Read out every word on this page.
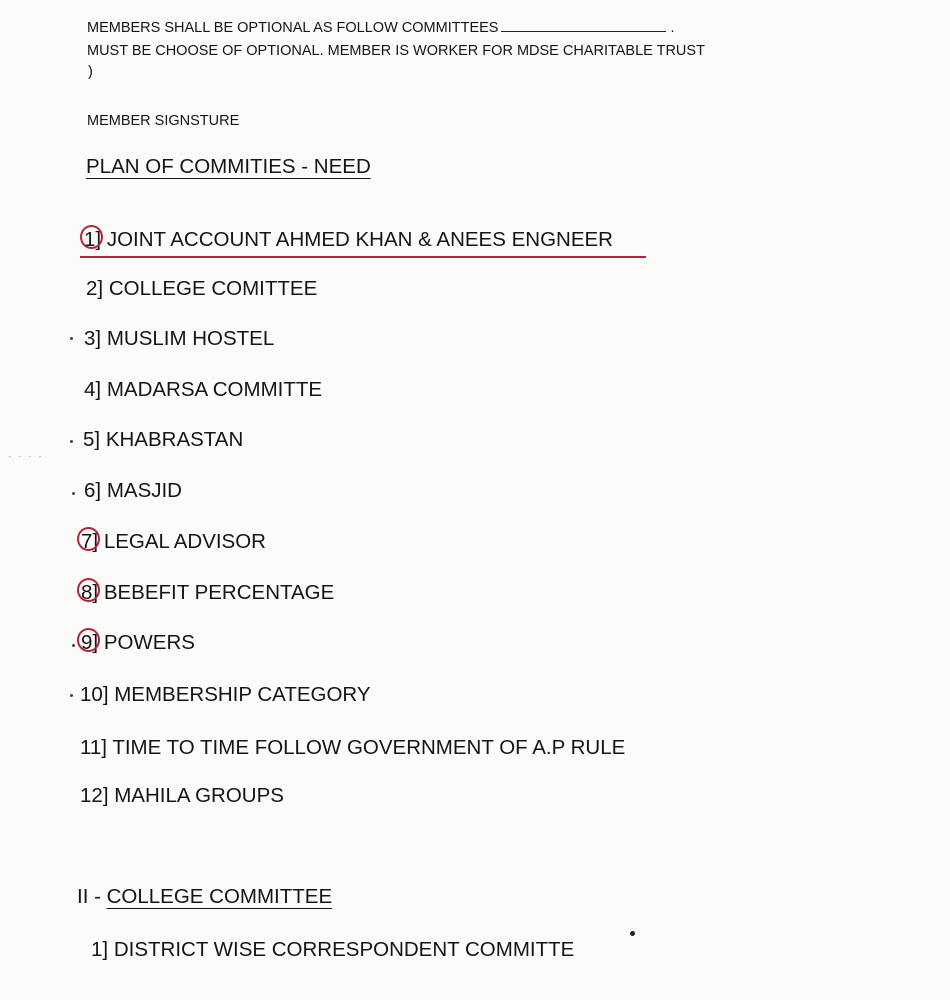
MEMBERS SHALL BE OPTIONAL AS FOLLOW COMMITTEES	.
MUST BE CHOOSE OF OPTIONAL. MEMBER IS WORKER FOR MDSE CHARITABLE TRUST
)
MEMBER SIGNSTURE
PLAN OF COMMITIES - NEED
1] JOINT ACCOUNT AHMED KHAN & ANEES ENGNEER
2] COLLEGE COMITTEE
3] MUSLIM HOSTEL
4] MADARSA COMMITTE
· · · ·
5] KHABRASTAN
6] MASJID
7] LEGAL ADVISOR
8] BEBEFIT PERCENTAGE
9] POWERS
10] MEMBERSHIP CATEGORY
11] TIME TO TIME FOLLOW GOVERNMENT OF A.P RULE
12] MAHILA GROUPS
II - COLLEGE COMMITTEE
1] DISTRICT WISE CORRESPONDENT COMMITTE
